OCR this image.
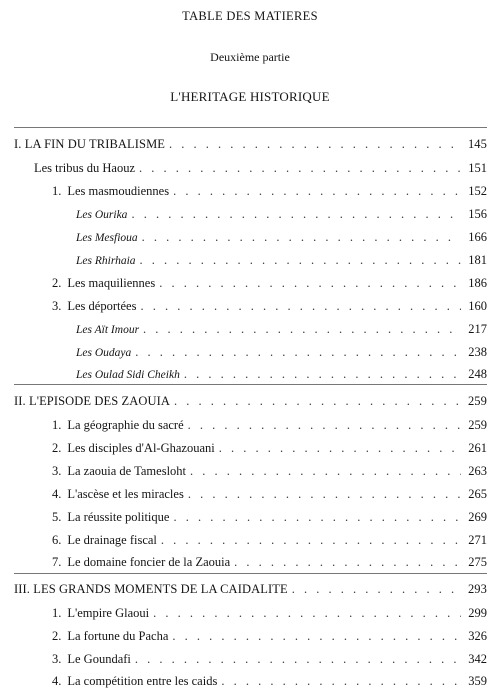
TABLE DES MATIERES
Deuxième partie
L'HERITAGE HISTORIQUE
I. LA FIN DU TRIBALISME . . .	145
Les tribus du Haouz . . .	151
1. Les masmoudiennes . . .	152
Les Ourika . . .	156
Les Mesfioua . . .	166
Les Rhirhaia . . .	181
2. Les maquiliennes . . .	186
3. Les déportées . . .	160
Les Aït Imour . . .	217
Les Oudaya . . .	238
Les Oulad Sidi Cheikh . . .	248
II. L'EPISODE DES ZAOUIA . . .	259
1. La géographie du sacré . . .	259
2. Les disciples d'Al-Ghazouani . . .	261
3. La zaouia de Tamesloht . . .	263
4. L'ascèse et les miracles . . .	265
5. La réussite politique . . .	269
6. Le drainage fiscal . . .	271
7. Le domaine foncier de la Zaouia . . .	275
III. LES GRANDS MOMENTS DE LA CAIDALITE . . .	293
1. L'empire Glaoui . . .	299
2. La fortune du Pacha . . .	326
3. Le Goundafi . . .	342
4. La compétition entre les caids . . .	359
